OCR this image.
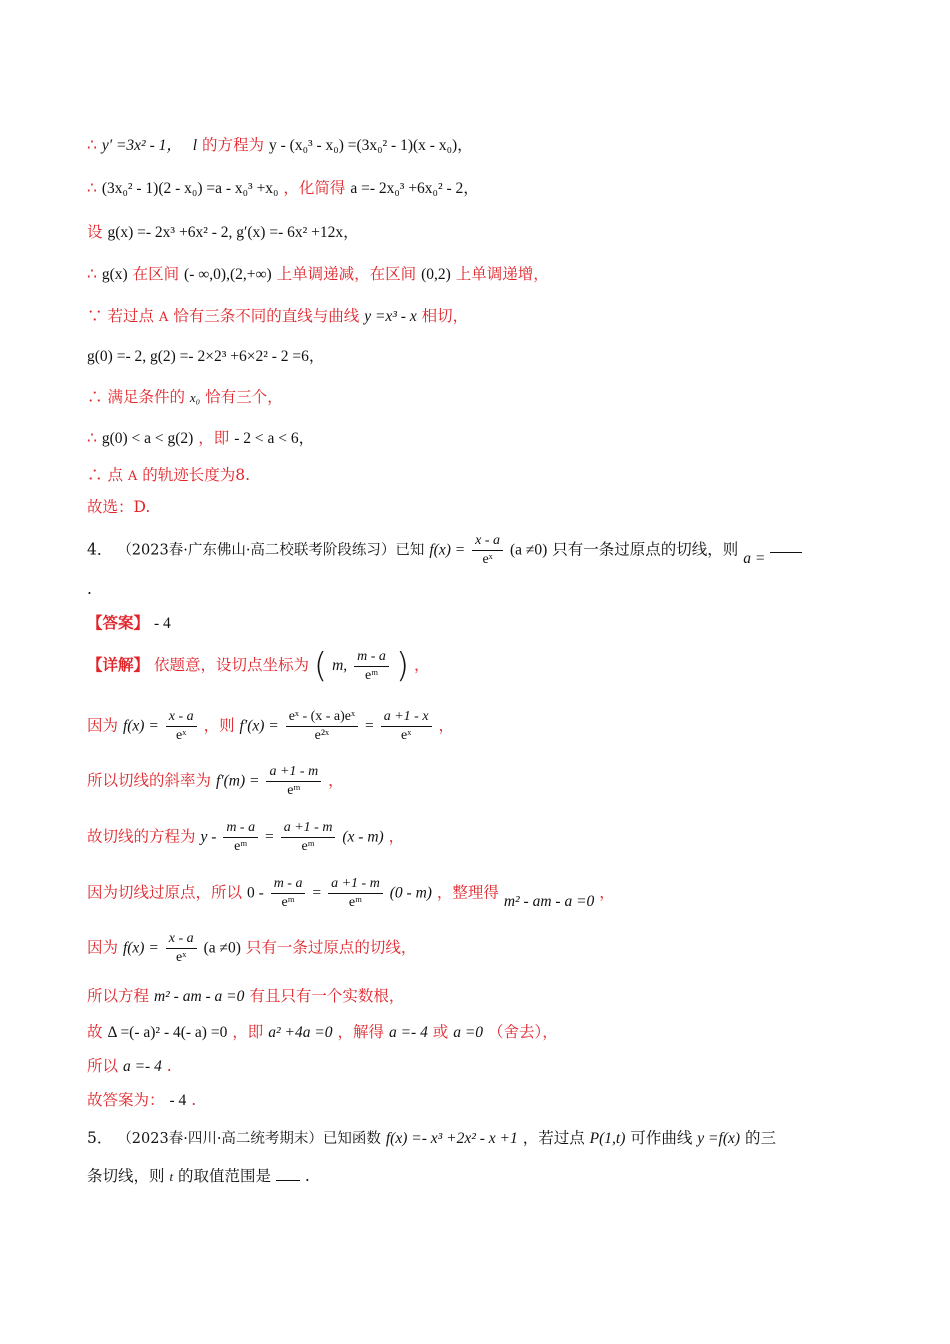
∴ y′ =3x² - 1， l 的方程为 y - (x₀³ - x₀) =(3x₀² - 1)(x - x₀)，
∴ (3x₀² - 1)(2 - x₀) =a - x₀³ +x₀ ，化简得 a =- 2x₀³ +6x₀² - 2，
设 g(x) =- 2x³ +6x² - 2, g′(x) =- 6x² +12x，
∴ g(x) 在区间 (- ∞,0),(2,+∞) 上单调递减，在区间 (0,2) 上单调递增，
∵ 若过点 A 恰有三条不同的直线与曲线 y =x³ - x 相切，
g(0) =- 2, g(2) =- 2×2³ +6×2² - 2 =6，
∴ 满足条件的 x₀ 恰有三个，
∴ g(0) < a < g(2) ，即 - 2 < a < 6，
∴ 点 A 的轨迹长度为8.
故选：D.
4． （2023春·广东佛山·高二校联考阶段练习）已知 $f(x) = \frac{x - a}{\text{eˣ}} (a \ne 0)$ 只有一条过原点的切线，则 a =
.
【答案】 - 4
【详解】 依题意，设切点坐标为 ( m, $\frac{m - a}{\text{eᵐ}}$ ) ，
因为 $f(x) = \frac{x - a}{\text{eˣ}}$ ，则 $f'(x) = \frac{\text{eˣ - (x - a)eˣ}}{\text{e²ˣ}} = \frac{a +1 - x}{\text{eˣ}}$ ，
所以切线的斜率为 $f'(m) = \frac{a +1 - m}{\text{eᵐ}}$ ，
故切线的方程为 $y - \frac{m - a}{\text{eᵐ}} = \frac{a +1 - m}{\text{eᵐ}} (x - m)$ ，
因为切线过原点，所以 $0 - \frac{m - a}{\text{eᵐ}} = \frac{a +1 - m}{\text{eᵐ}} (0 - m)$ ，整理得 m² - am - a =0 ，
因为 $f(x) = \frac{x - a}{\text{eˣ}} (a \ne 0)$ 只有一条过原点的切线，
所以方程 m² - am - a =0 有且只有一个实数根，
故 Δ =(- a)² - 4(- a) =0 ，即 a² +4a =0 ，解得 a =- 4 或 a =0 （舍去），
所以 a =- 4 .
故答案为： - 4 .
5． （2023春·四川·高二统考期末）已知函数 f(x) =- x³ +2x² - x +1 ，若过点 P(1,t) 可作曲线 y =f(x) 的三
条切线，则 t 的取值范围是 .
